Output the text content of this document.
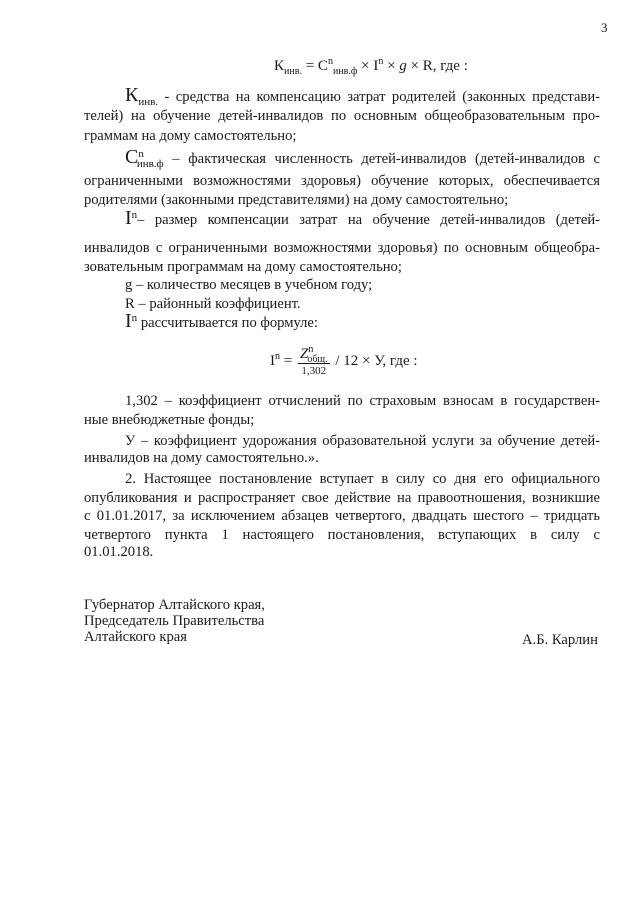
3
$К_{инв.} = С^n_{инв.ф} \times I^n \times g \times R$, где :
$К_{инв.}$ - средства на компенсацию затрат родителей (законных представи-
телей) на обучение детей-инвалидов по основным общеобразовательным про-
граммам на дому самостоятельно;
$С^n_{инв.ф}$ – фактическая численность детей-инвалидов (детей-инвалидов с
ограниченными возможностями здоровья) обучение которых, обеспечивается
родителями (законными представителями) на дому самостоятельно;
$I^n-$ размер компенсации затрат на обучение детей-инвалидов (детей-
инвалидов с ограниченными возможностями здоровья) по основным общеобра-
зовательным программам на дому самостоятельно;
g – количество месяцев в учебном году;
R – районный коэффициент.
$I^n$ рассчитывается по формуле:
$I^n = \frac{Z^n_{общ.}}{1,302} / 12 \times У$, где :
1,302 – коэффициент отчислений по страховым взносам в государствен-
ные внебюджетные фонды;
У – коэффициент удорожания образовательной услуги за обучение детей-
инвалидов на дому самостоятельно.».
2. Настоящее постановление вступает в силу со дня его официального
опубликования и распространяет свое действие на правоотношения, возникшие
с 01.01.2017, за исключением абзацев четвертого, двадцать шестого – тридцать
четвертого пункта 1 настоящего постановления, вступающих в силу с
01.01.2018.
Губернатор Алтайского края,
Председатель Правительства
Алтайского края	А.Б. Карлин
